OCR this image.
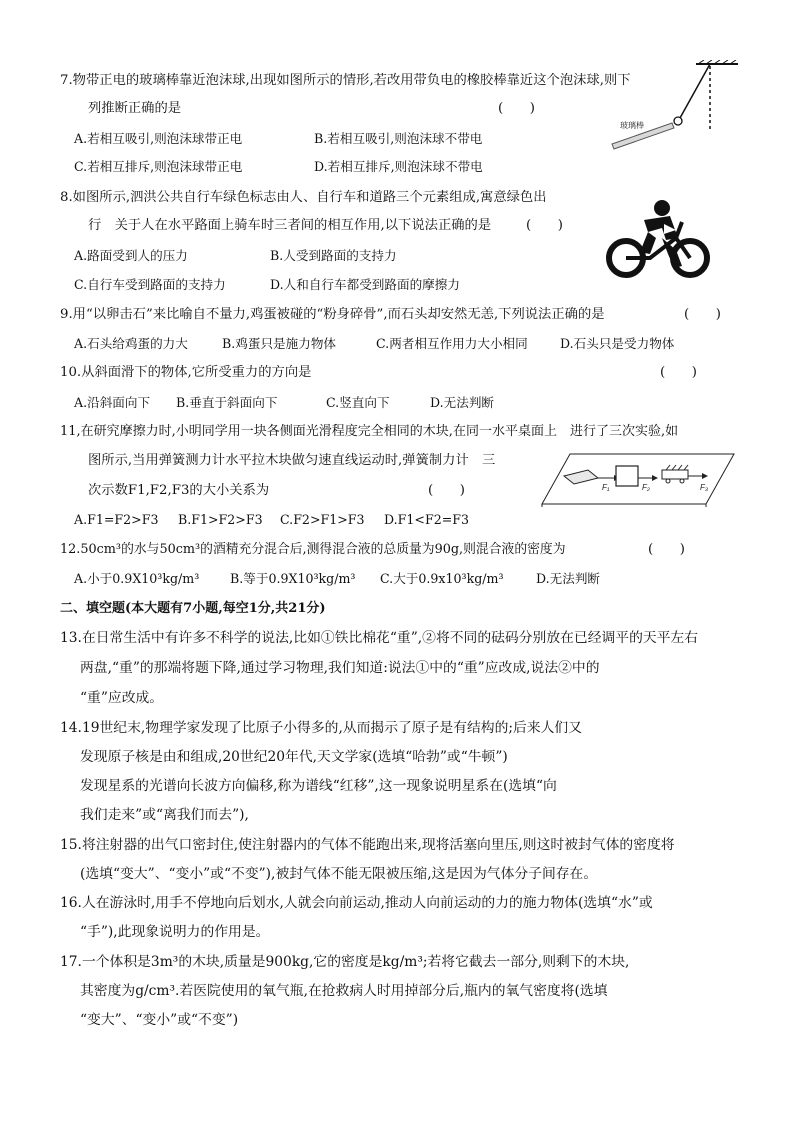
7.物带正电的玻璃棒靠近泡沫球,出现如图所示的情形,若改用带负电的橡胶棒靠近这个泡沫球,则下
列推断正确的是	(　　)
A.若相互吸引,则泡沫球带正电	B.若相互吸引,则泡沫球不带电
C.若相互排斥,则泡沫球带正电	D.若相互排斥,则泡沫球不带电
玻璃棒
8.如图所示,泗洪公共自行车绿色标志由人、自行车和道路三个元素组成,寓意绿色出
行　关于人在水平路面上骑车时三者间的相互作用,以下说法正确的是	(　　)
A.路面受到人的压力	B.人受到路面的支持力
C.自行车受到路面的支持力	D.人和自行车都受到路面的摩擦力
9.用“以卵击石”来比喻自不量力,鸡蛋被碰的“粉身碎骨”,而石头却安然无恙,下列说法正确的是	(　　)
A.石头给鸡蛋的力大	B.鸡蛋只是施力物体	C.两者相互作用力大小相同	D.石头只是受力物体
10.从斜面滑下的物体,它所受重力的方向是	(　　)
A.沿斜面向下 B.垂直于斜面向下	C.竖直向下	D.无法判断
11,在研究摩擦力时,小明同学用一块各侧面光滑程度完全相同的木块,在同一水平桌面上　进行了三次实验,如
图所示,当用弹簧测力计水平拉木块做匀速直线运动时,弹簧制力计　三
次示数F1,F2,F3的大小关系为	(　　)
A.F1=F2>F3 B.F1>F2>F3 C.F2>F1>F3 D.F1<F2=F3
F₁	F₂	F₃
12.50cm³的水与50cm³的酒精充分混合后,测得混合液的总质量为90g,则混合液的密度为	(　　)
A.小于0.9X10³kg/m³ B.等于0.9X10³kg/m³ C.大于0.9x10³kg/m³	D.无法判断
二、填空题(本大题有7小题,每空1分,共21分)
13.在日常生活中有许多不科学的说法,比如①铁比棉花“重”,②将不同的砝码分别放在已经调平的天平左右
两盘,“重”的那端将题下降,通过学习物理,我们知道:说法①中的“重”应改成,说法②中的
“重”应改成。
14.19世纪末,物理学家发现了比原子小得多的,从而揭示了原子是有结构的;后来人们又
发现原子核是由和组成,20世纪20年代,天文学家(选填“哈勃”或“牛顿”)
发现星系的光谱向长波方向偏移,称为谱线“红移”,这一现象说明星系在(选填“向
我们走来”或“离我们而去”),
15.将注射器的出气口密封住,使注射器内的气体不能跑出来,现将活塞向里压,则这时被封气体的密度将
(选填“变大”、“变小”或“不变”),被封气体不能无限被压缩,这是因为气体分子间存在。
16.人在游泳时,用手不停地向后划水,人就会向前运动,推动人向前运动的力的施力物体(选填“水”或
“手”),此现象说明力的作用是。
17.一个体积是3m³的木块,质量是900kg,它的密度是kg/m³;若将它截去一部分,则剩下的木块,
其密度为g/cm³.若医院使用的氧气瓶,在抢救病人时用掉部分后,瓶内的氧气密度将(选填
“变大”、“变小”或“不变”)
